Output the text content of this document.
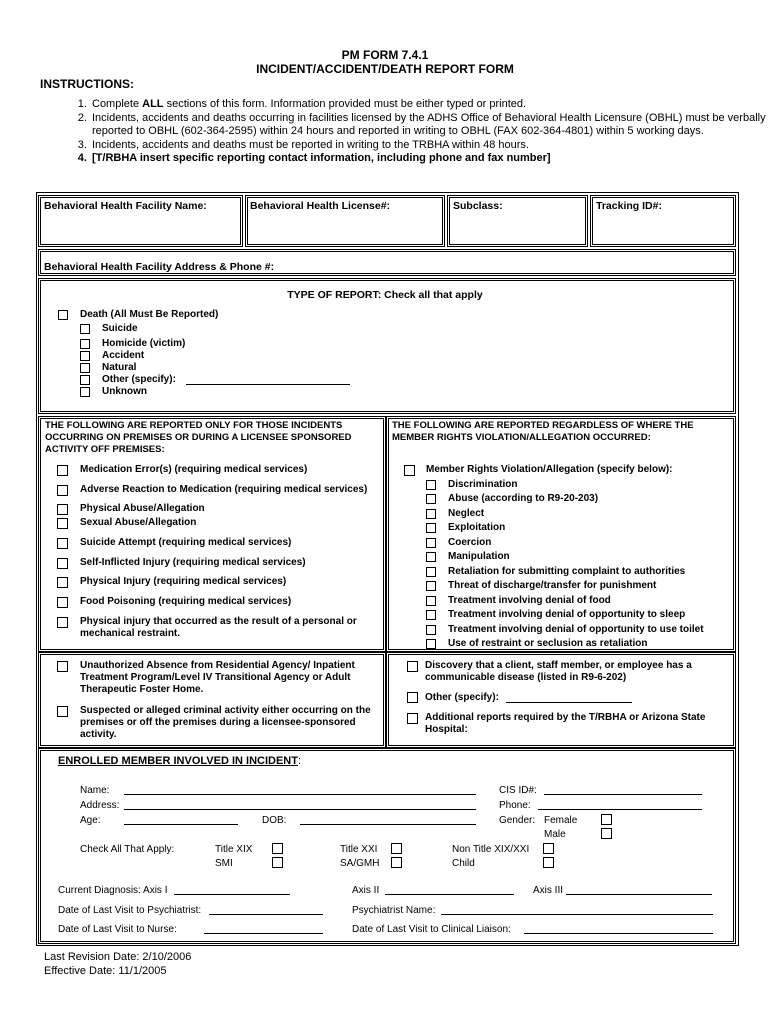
PM FORM 7.4.1
INCIDENT/ACCIDENT/DEATH REPORT FORM
INSTRUCTIONS:
1. Complete ALL sections of this form. Information provided must be either typed or printed.
2. Incidents, accidents and deaths occurring in facilities licensed by the ADHS Office of Behavioral Health Licensure (OBHL) must be verbally reported to OBHL (602-364-2595) within 24 hours and reported in writing to OBHL (FAX 602-364-4801) within 5 working days.
3. Incidents, accidents and deaths must be reported in writing to the TRBHA within 48 hours.
4. [T/RBHA insert specific reporting contact information, including phone and fax number]
Behavioral Health Facility Name:	Behavioral Health License#:	Subclass:	Tracking ID#:
Behavioral Health Facility Address & Phone #:
TYPE OF REPORT: Check all that apply
Death (All Must Be Reported)
Suicide
Homicide (victim)
Accident
Natural
Other (specify):
Unknown
THE FOLLOWING ARE REPORTED ONLY FOR THOSE INCIDENTS OCCURRING ON PREMISES OR DURING A LICENSEE SPONSORED ACTIVITY OFF PREMISES:
THE FOLLOWING ARE REPORTED REGARDLESS OF WHERE THE MEMBER RIGHTS VIOLATION/ALLEGATION OCCURRED:
Medication Error(s) (requiring medical services)
Adverse Reaction to Medication (requiring medical services)
Physical Abuse/Allegation
Sexual Abuse/Allegation
Suicide Attempt (requiring medical services)
Self-Inflicted Injury (requiring medical services)
Physical Injury (requiring medical services)
Food Poisoning (requiring medical services)
Physical injury that occurred as the result of a personal or mechanical restraint.
Member Rights Violation/Allegation (specify below):
Discrimination
Abuse (according to R9-20-203)
Neglect
Exploitation
Coercion
Manipulation
Retaliation for submitting complaint to authorities
Threat of discharge/transfer for punishment
Treatment involving denial of food
Treatment involving denial of opportunity to sleep
Treatment involving denial of opportunity to use toilet
Use of restraint or seclusion as retaliation
Unauthorized Absence from Residential Agency/ Inpatient Treatment Program/Level IV Transitional Agency or Adult Therapeutic Foster Home.
Suspected or alleged criminal activity either occurring on the premises or off the premises during a licensee-sponsored activity.
Discovery that a client, staff member, or employee has a communicable disease (listed in R9-6-202)
Other (specify):
Additional reports required by the T/RBHA or Arizona State Hospital:
ENROLLED MEMBER INVOLVED IN INCIDENT:
Name:
Address:
Age:	DOB:
CIS ID#:
Phone:
Gender: Female
Male
Check All That Apply:	Title XIX
SMI
Title XXI
SA/GMH
Non Title XIX/XXI
Child
Current Diagnosis: Axis I	Axis II	Axis III
Date of Last Visit to Psychiatrist:	Psychiatrist Name:
Date of Last Visit to Nurse:	Date of Last Visit to Clinical Liaison:
Last Revision Date: 2/10/2006
Effective Date: 11/1/2005
